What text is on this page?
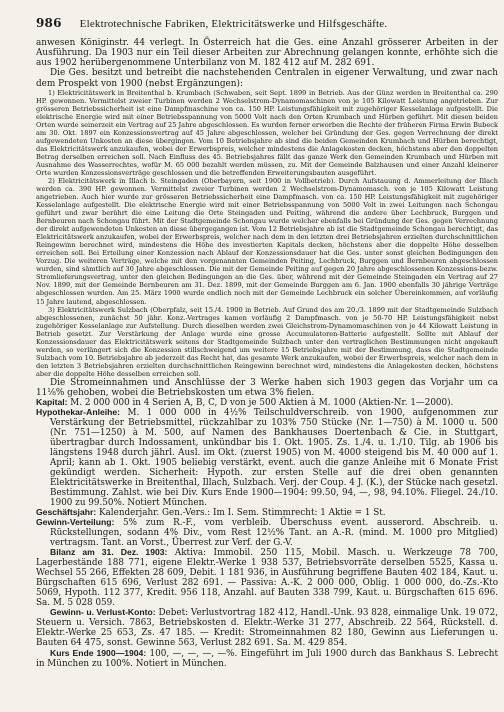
986 Elektrotechnische Fabriken, Elektricitätswerke und Hilfsgeschäfte.

anwesen Königinstr. 44 verlegt. In Österreich hat die Ges. eine Anzahl grösserer Arbeiten in der Ausführung. Da 1903 nur ein Teil dieser Arbeiten zur Abrechnung gelangen konnte, erhöhte sich die aus 1902 herübergenommene Unterbilanz von M. 182 412 auf M. 282 691.

Die Ges. besitzt und betreibt die nachstehenden Centralen in eigener Verwaltung, und zwar nach dem Prospekt von 1900 (nebst Ergänzungen):

1) Elektricitätswerk in Breitenthal b. Krumbach (Schwaben, seit Sept. 1899 in Betrieb. Aus der Günz werden in Breitenthal ca. 290 HP. gewonnen. Vermittelst zweier Turbinen werden 2 Wechselstrom-Dynamomaschinen von je 105 Kilowatt Leistung angetrieben. Zur grösseren Betriebssicherheit ist eine Dampfmaschine von ca. 150 HP. Leistungsfähigkeit mit zugehöriger Kesselanlage aufgestellt. Die elektrische Energie wird mit einer Betriebsspannung von 5000 Volt nach den Orten Krumbach und Hürben geführt. Mit diesen beiden Orten wurde seinerzeit ein Vertrag auf 25 Jahre abgeschlossen. Es wurden ferner erworben die Rechte der früheren Firma Erwin Bubeck am 30. Okt. 1897 ein Konzessionsvertrag auf 45 Jahre abgeschlossen, welcher bei Gründung der Ges. gegen Verrechnung der direkt aufgewendeten Unkosten an diese übergingen. Vom 10 Betriebsjahre ab sind die beiden Gemeinden Krumbach und Hürben berechtigt, das Elektricitätswerk anzukaufen, wobei der Erwerbspreis, welcher mindestens die Anlagekosten decken, höchstens aber den doppelten Betrag derselben erreichen soll. Nach Einfluss des 45. Betriebsjahres fällt das ganze Werk den Gemeinden Krumbach und Hürben mit Ausnahme des Wasserrechtes, wofür M. 65 000 bezahlt werden müssen, zu. Mit der Gemeinde Balzhausen und einer Anzahl kleinerer Orte wurden Konzessionsverträge geschlossen und die betreffenden Erweiterungsbauten ausgeführt.

2) Elektricitätswerk in Illach b. Steingaden (Oberbayern, seit 1900 in Vollbetrieb). Durch Aufstauung d. Ammerleitung der Illach werden ca. 390 HP. gewonnen. Vermittelst zweier Turbinen werden 2 Wechselstrom-Dynamomasch. von je 105 Kilowatt Leistung angetrieben. Auch hier wurde zur grösseren Betriebssicherheit eine Dampfmasch. von ca. 150 HP. Leistungsfähigkeit mit zugehöriger Kesselanlage aufgestellt. Die elektrische Energie wird mit einer Betriebsspannung von 5000 Volt in zwei Leitungen nach Schongau geführt und zwar berührt die eine Leitung die Orte Steingaden und Peiting, während die andere über Lechbruck, Burggen und Bernbeuren nach Schongau führt. Mit der Stadtgemeinde Schongau wurde welcher ebenfalls bei Gründung der Ges. gegen Verrechnung der direkt aufgewendeten Unkosten an diese übergegangen ist. Vom 12 Betriebsjahre ab ist die Stadtgemeinde Schongau berechtigt, das Elektricitätswerk anzukaufen, wobei der Erwerbspreis, welcher nach dem in den letzten drei Betriebsjahren erzielten durchschnittlichen Reingewinn berechnet wird, mindestens die Höhe des investierten Kapitals decken, höchstens aber die doppelte Höhe desselben erreichen soll. Bei Erteilung einer Konzession nach Ablauf der Konzessionsdauer hat die Ges. unter sonst gleichen Bedingungen den Vorzug. Die weiteren Verträge, welche mit den vorgenannten Gemeinden Peiting, Lechbruck, Burggen und Bernbeuren abgeschlossen wurden, sind sämtlich auf 30 Jahre abgeschlossen. Die mit der Gemeinde Peiting auf gegen 20 Jahre abgeschlossenen Konzessions-bezw. Stromlieferungsvertrag, unter den gleichen Bedingungen an die Ges. über, während mit der Gemeinde Steingaden ein Vertrag auf 27 Nov. 1899, mit der Gemeinde Bernbeuren am 31. Dez. 1899, mit der Gemeinde Burggen am 6. Jan. 1900 ebenfalls 30 jährige Verträge abgeschlossen wurden. Am 25. März 1900 wurde endlich noch mit der Gemeinde Lechbruck ein solcher Übereinkommen, auf vorläufig 15 Jahre lautend, abgeschlossen.

3) Elektricitätswerk Sulzbach (Oberpfalz, seit 15./4. 1900 in Betrieb. Auf Grund des am 20./3. 1899 mit der Stadtgemeinde Sulzbach abgeschlossenen, zunächst 50 jähr. Konz.-Vertrages kamen vorläufig 2 Dampfmasch. von je 50-70 HP. Leistungsfähigkeit nebst zugehöriger Kesselanlage zur Aufstellung. Durch dieselben werden zwei Gleichstrom-Dynamomaschinen von je 44 Kilowatt Leistung in Betrieb gesetzt. Zur Verstärkung der Anlage wurde eine grosse Accumulatoren-Batterie aufgestellt. Sollte mit Ablauf der Konzessionsdauer das Elektricitätswerk seitens der Stadtgemeinde Sulzbach unter den vertraglichen Bestimmungen nicht angekauft werden, so verlängert sich die Konzession stillschweigend um weitere 15 Betriebsjahre mit der Bestimmung, dass die Stadtgemeinde Sulzbach vom 10. Betriebsjahre ab jederzeit das Recht hat, das gesamte Werk anzukaufen, wobei der Erwerbspreis, welcher nach dem in den letzten 3 Betriebsjahren erzielten durchschnittlichen Reingewinn berechnet wird, mindestens die Anlagekosten decken, höchstens aber die doppelte Höhe desselben erreichen soll.

Die Stromeinnahmen und Anschlüsse der 3 Werke haben sich 1903 gegen das Vorjahr um ca 11⅛% gehoben, wobei die Betriebskosten um etwa 3% fielen.

Kapital: M. 2 000 000 in 4 Serien A, B, C, D von je 500 Aktien à M. 1000 (Aktien-Nr. 1—2000).

Hypothekar-Anleihe: M. 1 000 000 in 4½% Teilschuldverschreib. von 1900, aufgenommen zur Verstärkung der Betriebsmittel, rückzahlbar zu 103% 750 Stücke (Nr. 1—750) à M. 1000 u. 500 (Nr. 751—1250) à M. 500, auf Namen des Bankhauses Doertenbach & Cie. in Stuttgart, übertragbar durch Indossament, unkündbar bis 1. Okt. 1905. Zs. 1./4. u. 1./10. Tilg. ab 1906 bis längstens 1948 durch jährl. Ausl. im Okt. (zuerst 1905) von M. 4000 steigend bis M. 40 000 auf 1. April; kann ab 1. Okt. 1905 beliebig verstärkt, event. auch die ganze Anleihe mit 6 Monate Frist gekündigt werden. Sicherheit: Hypoth. zur ersten Stelle auf die drei oben genannten Elektricitätswerke in Breitenthal, Illach, Sulzbach. Verj. der Coup. 4 J. (K.), der Stücke nach gesetzl. Bestimmung. Zahlst. wie bei Div. Kurs Ende 1900—1904: 99.50, 94, —, 98, 94.10%. Fliegel. 24./10. 1900 zu 99.50%. Notiert München.

Geschäftsjahr: Kalenderjahr. Gen.-Vers.: Im I. Sem. Stimmrecht: 1 Aktie = 1 St.

Gewinn-Verteilung: 5% zum R.-F., vom verbleib. Überschuss event. ausserord. Abschreib. u. Rückstellungen, sodann 4% Div., vom Rest 12½% Tant. an A.-R. (mind. M. 1000 pro Mitglied) vertragsm. Tant. an Vorst., Überrest zur Verf. der G.-V.

Bilanz am 31. Dez. 1903: Aktiva: Immobil. 250 115, Mobil. Masch. u. Werkzeuge 78 700, Lagerbestände 188 771, eigene Elektr.-Werke 1 938 537, Betriebsvorräte derselben 5525, Kassa u. Wechsel 55 266, Effekten 28 609, Debit. 1 181 936, in Ausführung begriffene Bauten 402 184, Kaut. u. Bürgschaften 615 696, Verlust 282 691. — Passiva: A.-K. 2 000 000, Oblig. 1 000 000, do.-Zs.-Kto 5069, Hypoth. 112 377, Kredit. 956 118, Anzahl. auf Bauten 338 799, Kaut. u. Bürgschaften 615 696. Sa. M. 5 028 059.

Gewinn- u. Verlust-Konto: Debet: Verlustvortrag 182 412, Handl.-Unk. 93 828, einmalige Unk. 19 072, Steuern u. Versich. 7863, Betriebskosten d. Elektr.-Werke 31 277, Abschreib. 22 564, Rückstell. d. Elektr.-Werke 25 653, Zs. 47 185. — Kredit: Stromeinnahmen 82 180, Gewinn aus Lieferungen u. Bauten 64 475, sonst. Gewinne 563, Verlust 282 691. Sa. M. 429 854.

Kurs Ende 1900—1904: 100, —, —, —, —%. Eingeführt im Juli 1900 durch das Bankhaus S. Lebrecht in München zu 100%. Notiert in München.
